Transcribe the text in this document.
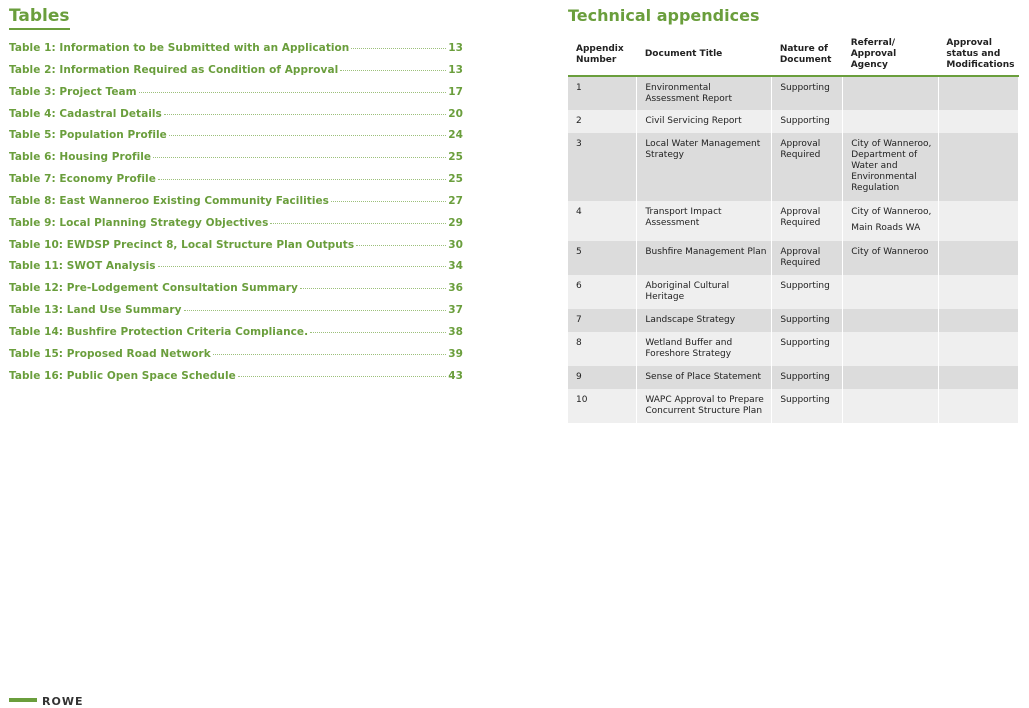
Tables
Table 1: Information to be Submitted with an Application	13
Table 2: Information Required as Condition of Approval	13
Table 3: Project Team	17
Table 4: Cadastral Details	20
Table 5: Population Profile	24
Table 6: Housing Profile	25
Table 7: Economy Profile	25
Table 8: East Wanneroo Existing Community Facilities	27
Table 9: Local Planning Strategy Objectives	29
Table 10: EWDSP Precinct 8, Local Structure Plan Outputs	30
Table 11: SWOT Analysis	34
Table 12: Pre-Lodgement Consultation Summary	36
Table 13: Land Use Summary	37
Table 14: Bushfire Protection Criteria Compliance.	38
Table 15: Proposed Road Network	39
Table 16: Public Open Space Schedule	43
Technical appendices
Appendix Number	Document Title	Nature of Document	Referral/ Approval Agency	Approval status and Modifications
1	Environmental Assessment Report	Supporting		
2	Civil Servicing Report	Supporting		
3	Local Water Management Strategy	Approval Required	City of Wanneroo, Department of Water and Environmental Regulation	
4	Transport Impact Assessment	Approval Required	City of Wanneroo, Main Roads WA	
5	Bushfire Management Plan	Approval Required	City of Wanneroo	
6	Aboriginal Cultural Heritage	Supporting		
7	Landscape Strategy	Supporting		
8	Wetland Buffer and Foreshore Strategy	Supporting		
9	Sense of Place Statement	Supporting		
10	WAPC Approval to Prepare Concurrent Structure Plan	Supporting		
ROWE
